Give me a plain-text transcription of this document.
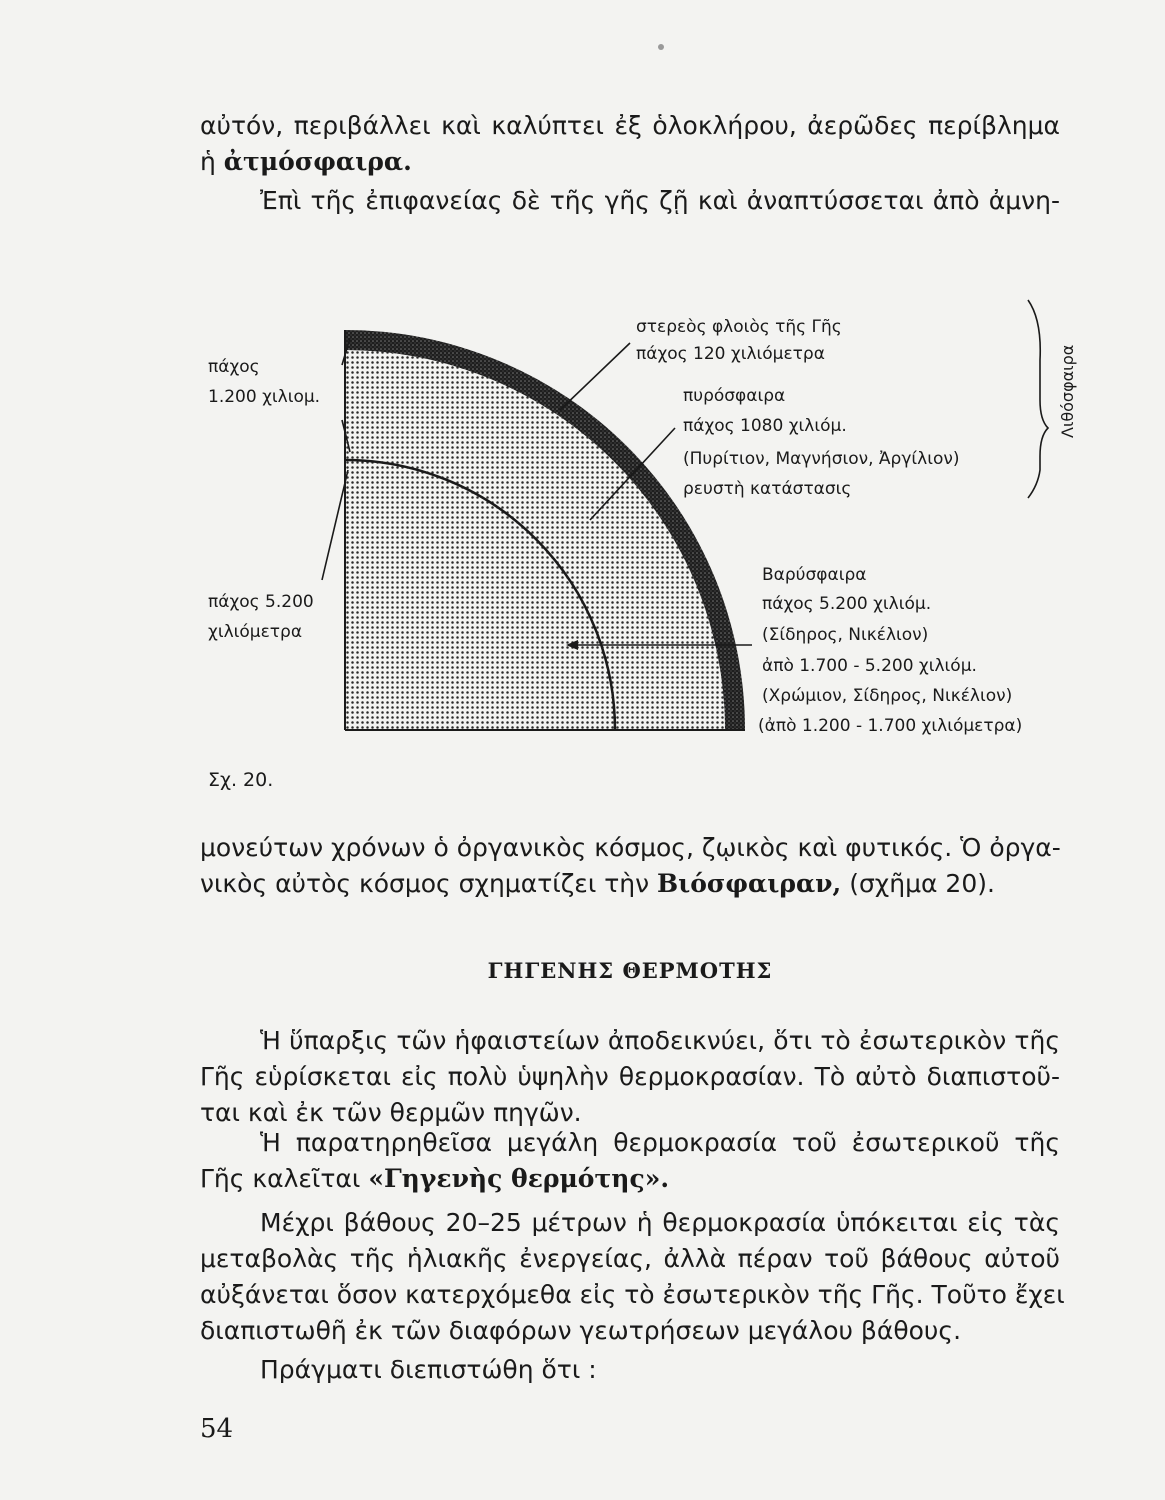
αὐτόν, περιβάλλει καὶ καλύπτει ἐξ ὁλοκλήρου, ἀερῶδες περίβλημα
ἡ ἀτμόσφαιρα.

Ἐπὶ τῆς ἐπιφανείας δὲ τῆς γῆς ζῇ καὶ ἀναπτύσσεται ἀπὸ ἀμνη-

πάχος
1.200 χιλιομ.
πάχος 5.200
χιλιόμετρα
στερεὸς φλοιὸς τῆς Γῆς
πάχος 120 χιλιόμετρα
πυρόσφαιρα
πάχος 1080 χιλιόμ.
(Πυρίτιον, Μαγνήσιον, Ἀργίλιον)
ρευστὴ κατάστασις
Βαρύσφαιρα
πάχος 5.200 χιλιόμ.
(Σίδηρος, Νικέλιον)
ἀπὸ 1.700 - 5.200 χιλιόμ.
(Χρώμιον, Σίδηρος, Νικέλιον)
(ἀπὸ 1.200 - 1.700 χιλιόμετρα)
Λιθόσφαιρα
Σχ. 20.

μονεύτων χρόνων ὁ ὀργανικὸς κόσμος, ζῳικὸς καὶ φυτικός. Ὁ ὀργα-
νικὸς αὐτὸς κόσμος σχηματίζει τὴν Βιόσφαιραν, (σχῆμα 20).

ΓΗΓΕΝΗΣ ΘΕΡΜΟΤΗΣ

Ἡ ὕπαρξις τῶν ἡφαιστείων ἀποδεικνύει, ὅτι τὸ ἐσωτερικὸν τῆς
Γῆς εὑρίσκεται εἰς πολὺ ὑψηλὴν θερμοκρασίαν. Τὸ αὐτὸ διαπιστοῦ-
ται καὶ ἐκ τῶν θερμῶν πηγῶν.

Ἡ παρατηρηθεῖσα μεγάλη θερμοκρασία τοῦ ἐσωτερικοῦ τῆς
Γῆς καλεῖται «Γηγενὴς θερμότης».

Μέχρι βάθους 20–25 μέτρων ἡ θερμοκρασία ὑπόκειται εἰς τὰς
μεταβολὰς τῆς ἡλιακῆς ἐνεργείας, ἀλλὰ πέραν τοῦ βάθους αὐτοῦ
αὐξάνεται ὅσον κατερχόμεθα εἰς τὸ ἐσωτερικὸν τῆς Γῆς. Τοῦτο ἔχει
διαπιστωθῆ ἐκ τῶν διαφόρων γεωτρήσεων μεγάλου βάθους.

Πράγματι διεπιστώθη ὅτι :

54
